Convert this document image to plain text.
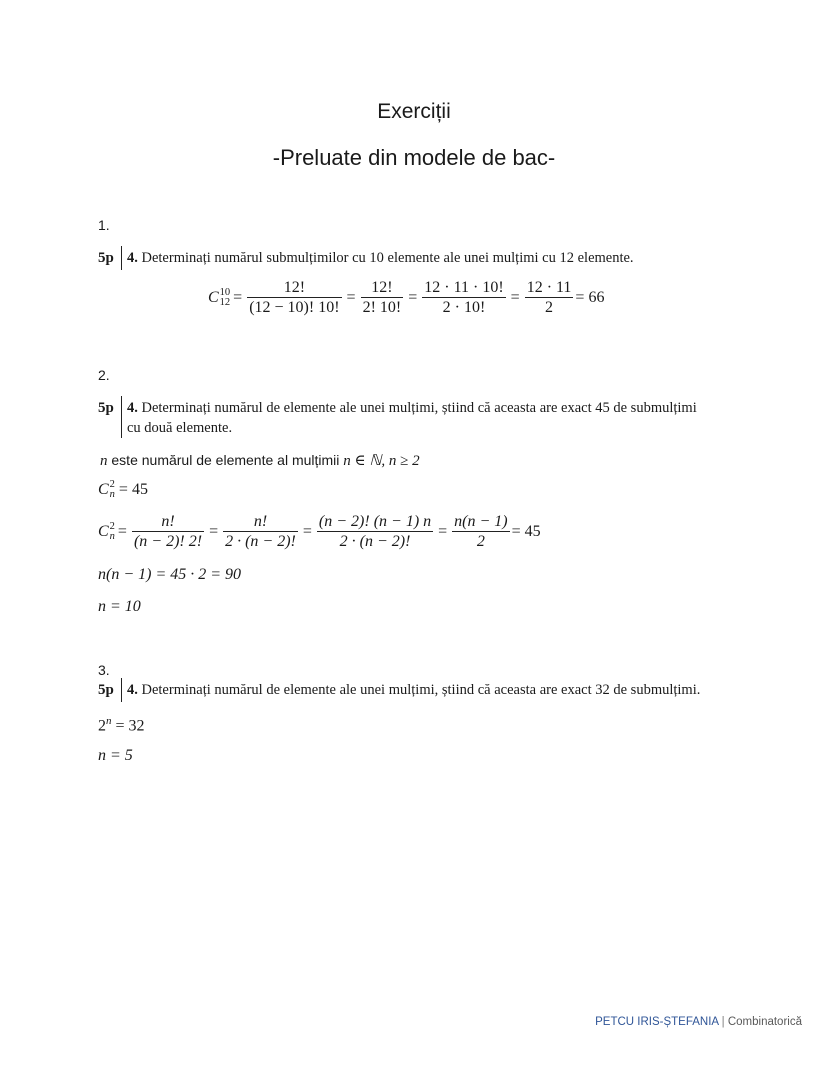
Exerciții
-Preluate din modele de bac-
1.
5p 4. Determinați numărul submulțimilor cu 10 elemente ale unei mulțimi cu 12 elemente.
C 10
$12 = \frac{12!}{(12 - 10)! 10!} = \frac{12!}{2! 10!} = \frac{12 \cdot 11 \cdot 10!}{2 \cdot 10!} = \frac{12 \cdot 11}{2} = 66$
2.
5p 4. Determinați numărul de elemente ale unei mulțimi, știind că aceasta are exact 45 de submulțimi
cu două elemente.
n este numărul de elemente al mulțimii n ∈ ℕ, n ≥ 2
C 2
n = 45
C 2
$n = \frac{n!}{(n - 2)! 2!} = \frac{n!}{2 \cdot (n - 2)!} = \frac{(n - 2)! (n - 1) n}{2 \cdot (n - 2)!} = \frac{n(n - 1)}{2} = 45$
n(n − 1) = 45 · 2 = 90
n = 10
3.
5p 4. Determinați numărul de elemente ale unei mulțimi, știind că aceasta are exact 32 de submulțimi.
$2^n = 32$
n = 5
PETCU IRIS-ȘTEFANIA | Combinatorică
